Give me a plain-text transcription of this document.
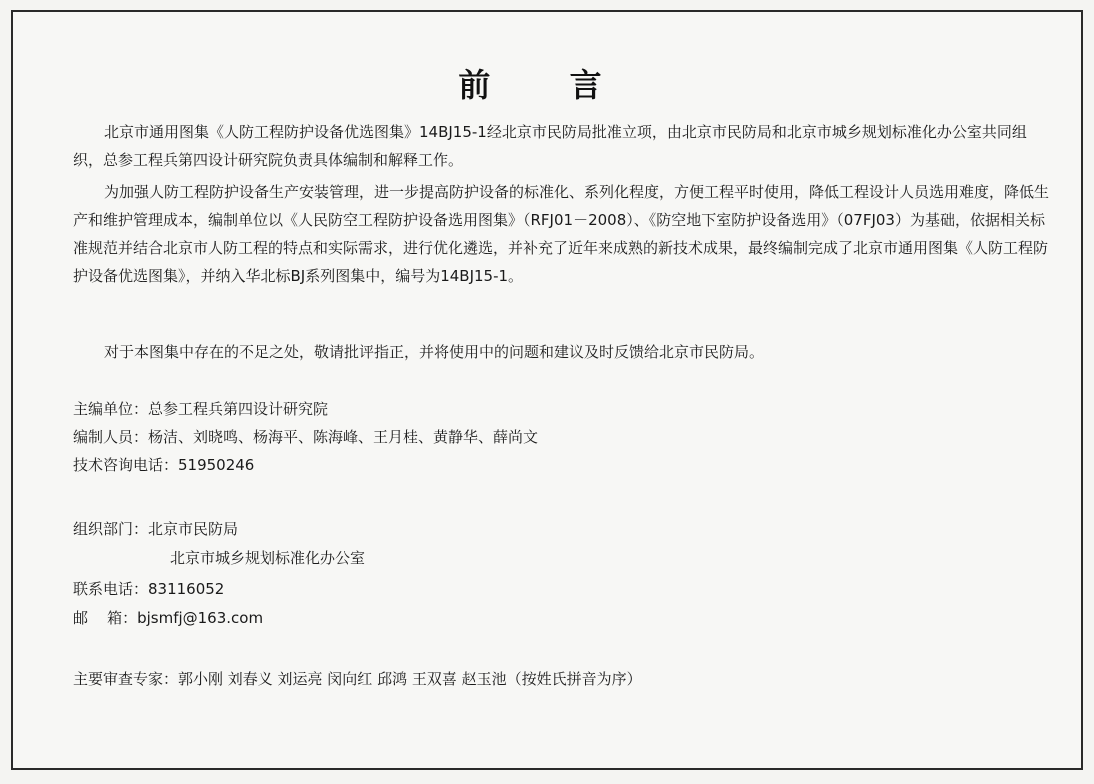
前 言

北京市通用图集《人防工程防护设备优选图集》14BJ15-1经北京市民防局批准立项，由北京市民防局和北京市城乡规划标准化办公室共同组织，总参工程兵第四设计研究院负责具体编制和解释工作。

为加强人防工程防护设备生产安装管理，进一步提高防护设备的标准化、系列化程度，方便工程平时使用，降低工程设计人员选用难度，降低生产和维护管理成本，编制单位以《人民防空工程防护设备选用图集》（RFJ01－2008）、《防空地下室防护设备选用》（07FJ03）为基础，依据相关标准规范并结合北京市人防工程的特点和实际需求，进行优化遴选，并补充了近年来成熟的新技术成果，最终编制完成了北京市通用图集《人防工程防护设备优选图集》，并纳入华北标BJ系列图集中，编号为14BJ15-1。

对于本图集中存在的不足之处，敬请批评指正，并将使用中的问题和建议及时反馈给北京市民防局。

主编单位：总参工程兵第四设计研究院
编制人员：杨洁、刘晓鸣、杨海平、陈海峰、王月桂、黄静华、薛尚文
技术咨询电话：51950246
组织部门：北京市民防局
北京市城乡规划标准化办公室
联系电话：83116052
邮    箱：bjsmfj@163.com
主要审查专家：郭小刚 刘春义 刘运亮 闵向红 邱鸿 王双喜 赵玉池（按姓氏拼音为序）
